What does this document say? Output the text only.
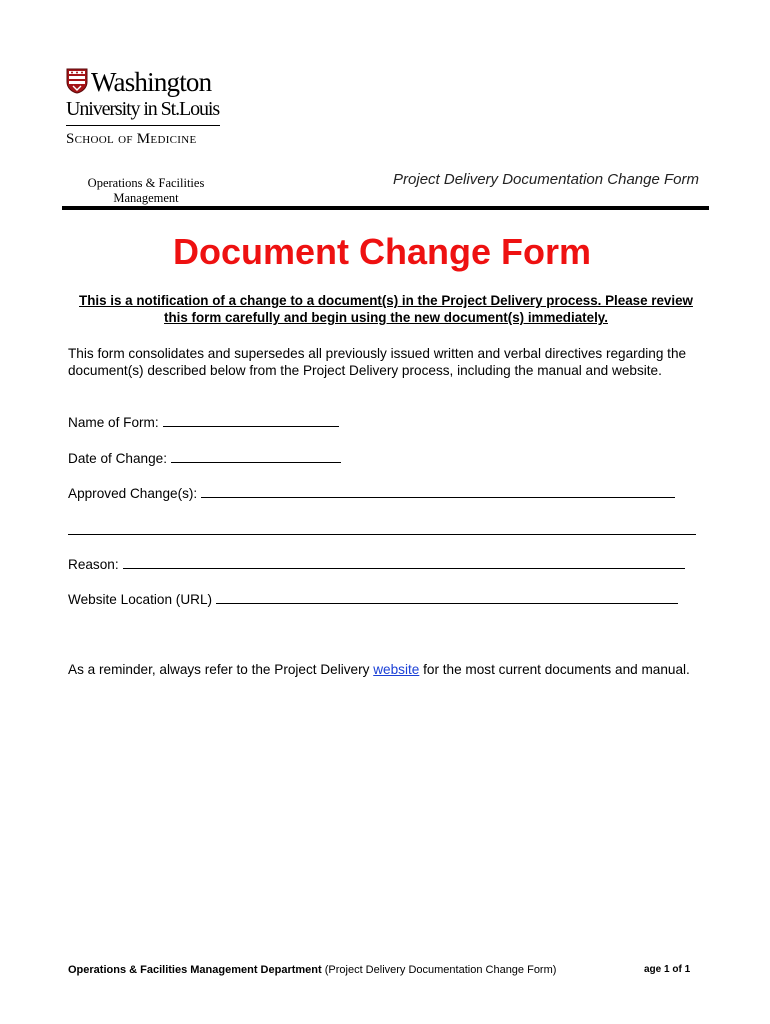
Washington
University in St.Louis
School of Medicine
Operations & Facilities
Management
Project Delivery Documentation Change Form
Document Change Form
This is a notification of a change to a document(s) in the Project Delivery process. Please review this form carefully and begin using the new document(s) immediately.
This form consolidates and supersedes all previously issued written and verbal directives regarding the document(s) described below from the Project Delivery process, including the manual and website.
Name of Form:
Date of Change:
Approved Change(s):
Reason:
Website Location (URL)
As a reminder, always refer to the Project Delivery website for the most current documents and manual.
Operations & Facilities Management Department (Project Delivery Documentation Change Form)	age 1 of 1
